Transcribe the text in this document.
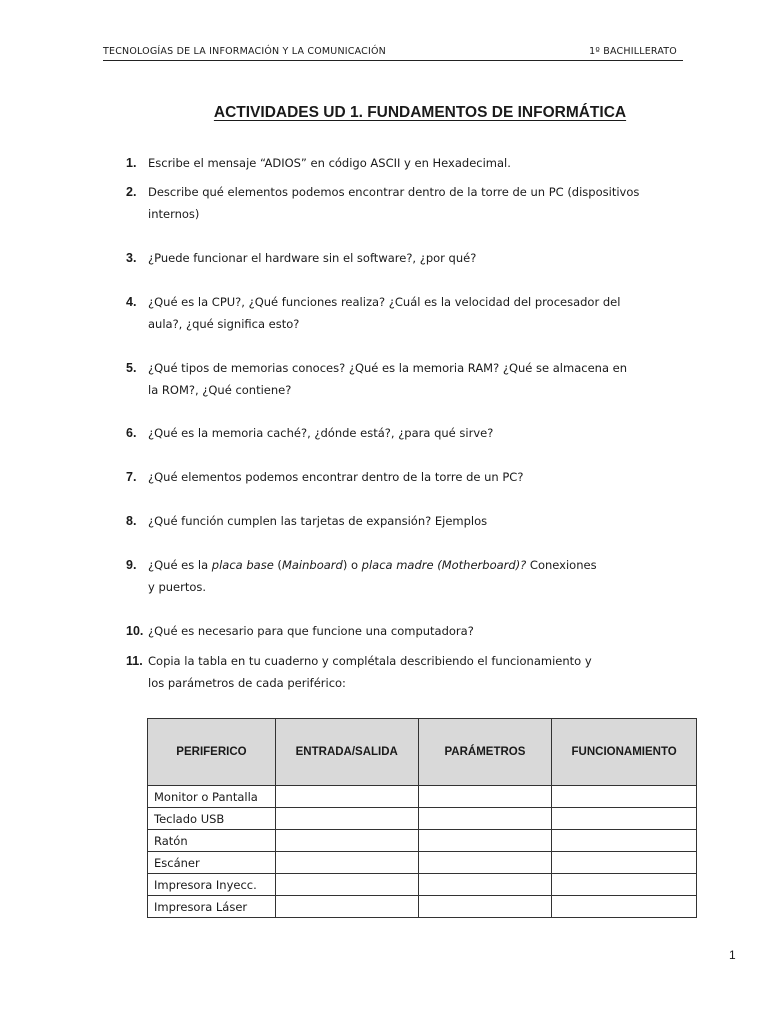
TECNOLOGÍAS DE LA INFORMACIÓN Y LA COMUNICACIÓN	1º BACHILLERATO
ACTIVIDADES UD 1. FUNDAMENTOS DE INFORMÁTICA
1. Escribe el mensaje “ADIOS” en código ASCII y en Hexadecimal.
2. Describe qué elementos podemos encontrar dentro de la torre de un PC (dispositivos
internos)
3. ¿Puede funcionar el hardware sin el software?, ¿por qué?
4. ¿Qué es la CPU?, ¿Qué funciones realiza? ¿Cuál es la velocidad del procesador del
aula?, ¿qué significa esto?
5. ¿Qué tipos de memorias conoces? ¿Qué es la memoria RAM? ¿Qué se almacena en
la ROM?, ¿Qué contiene?
6. ¿Qué es la memoria caché?, ¿dónde está?, ¿para qué sirve?
7. ¿Qué elementos podemos encontrar dentro de la torre de un PC?
8. ¿Qué función cumplen las tarjetas de expansión? Ejemplos
9. ¿Qué es la placa base (Mainboard) o placa madre (Motherboard)? Conexiones
y puertos.
10. ¿Qué es necesario para que funcione una computadora?
11. Copia la tabla en tu cuaderno y complétala describiendo el funcionamiento y
los parámetros de cada periférico:
PERIFERICO	ENTRADA/SALIDA	PARÁMETROS	FUNCIONAMIENTO
Monitor o Pantalla			
Teclado USB			
Ratón			
Escáner			
Impresora Inyecc.			
Impresora Láser			
1
